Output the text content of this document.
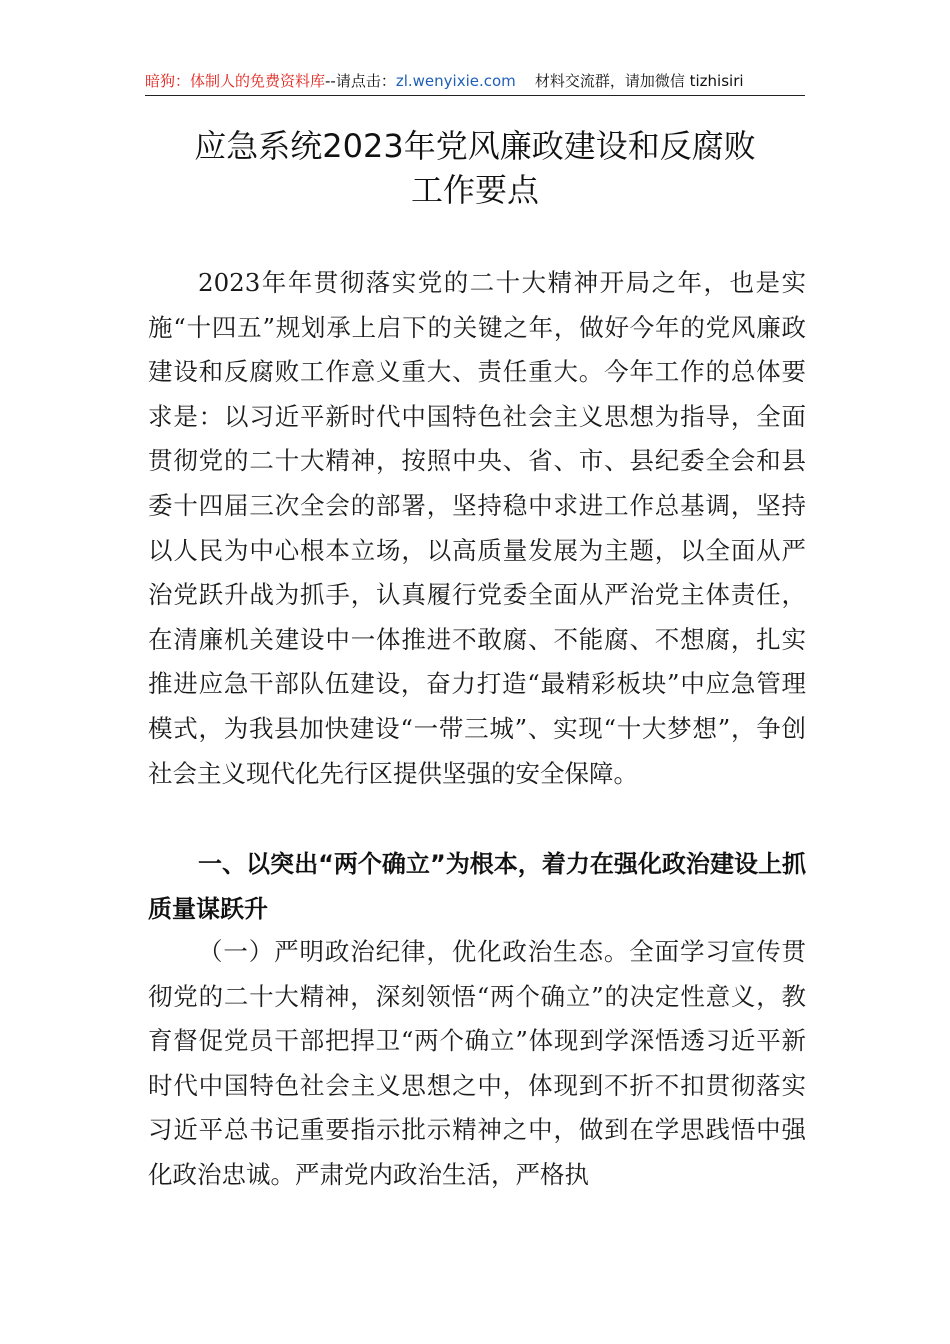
暗狗：体制人的免费资料库--请点击：zl.wenyixie.com 材料交流群，请加微信 tizhisiri
应急系统2023年党风廉政建设和反腐败
工作要点

2023年年贯彻落实党的二十大精神开局之年，也是实施“十四五”规划承上启下的关键之年，做好今年的党风廉政建设和反腐败工作意义重大、责任重大。今年工作的总体要求是：以习近平新时代中国特色社会主义思想为指导，全面贯彻党的二十大精神，按照中央、省、市、县纪委全会和县委十四届三次全会的部署，坚持稳中求进工作总基调，坚持以人民为中心根本立场，以高质量发展为主题，以全面从严治党跃升战为抓手，认真履行党委全面从严治党主体责任，在清廉机关建设中一体推进不敢腐、不能腐、不想腐，扎实推进应急干部队伍建设，奋力打造“最精彩板块”中应急管理模式，为我县加快建设“一带三城”、实现“十大梦想”，争创社会主义现代化先行区提供坚强的安全保障。

一、以突出“两个确立”为根本，着力在强化政治建设上抓质量谋跃升

（一）严明政治纪律，优化政治生态。全面学习宣传贯彻党的二十大精神，深刻领悟“两个确立”的决定性意义，教育督促党员干部把捍卫“两个确立”体现到学深悟透习近平新时代中国特色社会主义思想之中，体现到不折不扣贯彻落实习近平总书记重要指示批示精神之中，做到在学思践悟中强化政治忠诚。严肃党内政治生活，严格执
